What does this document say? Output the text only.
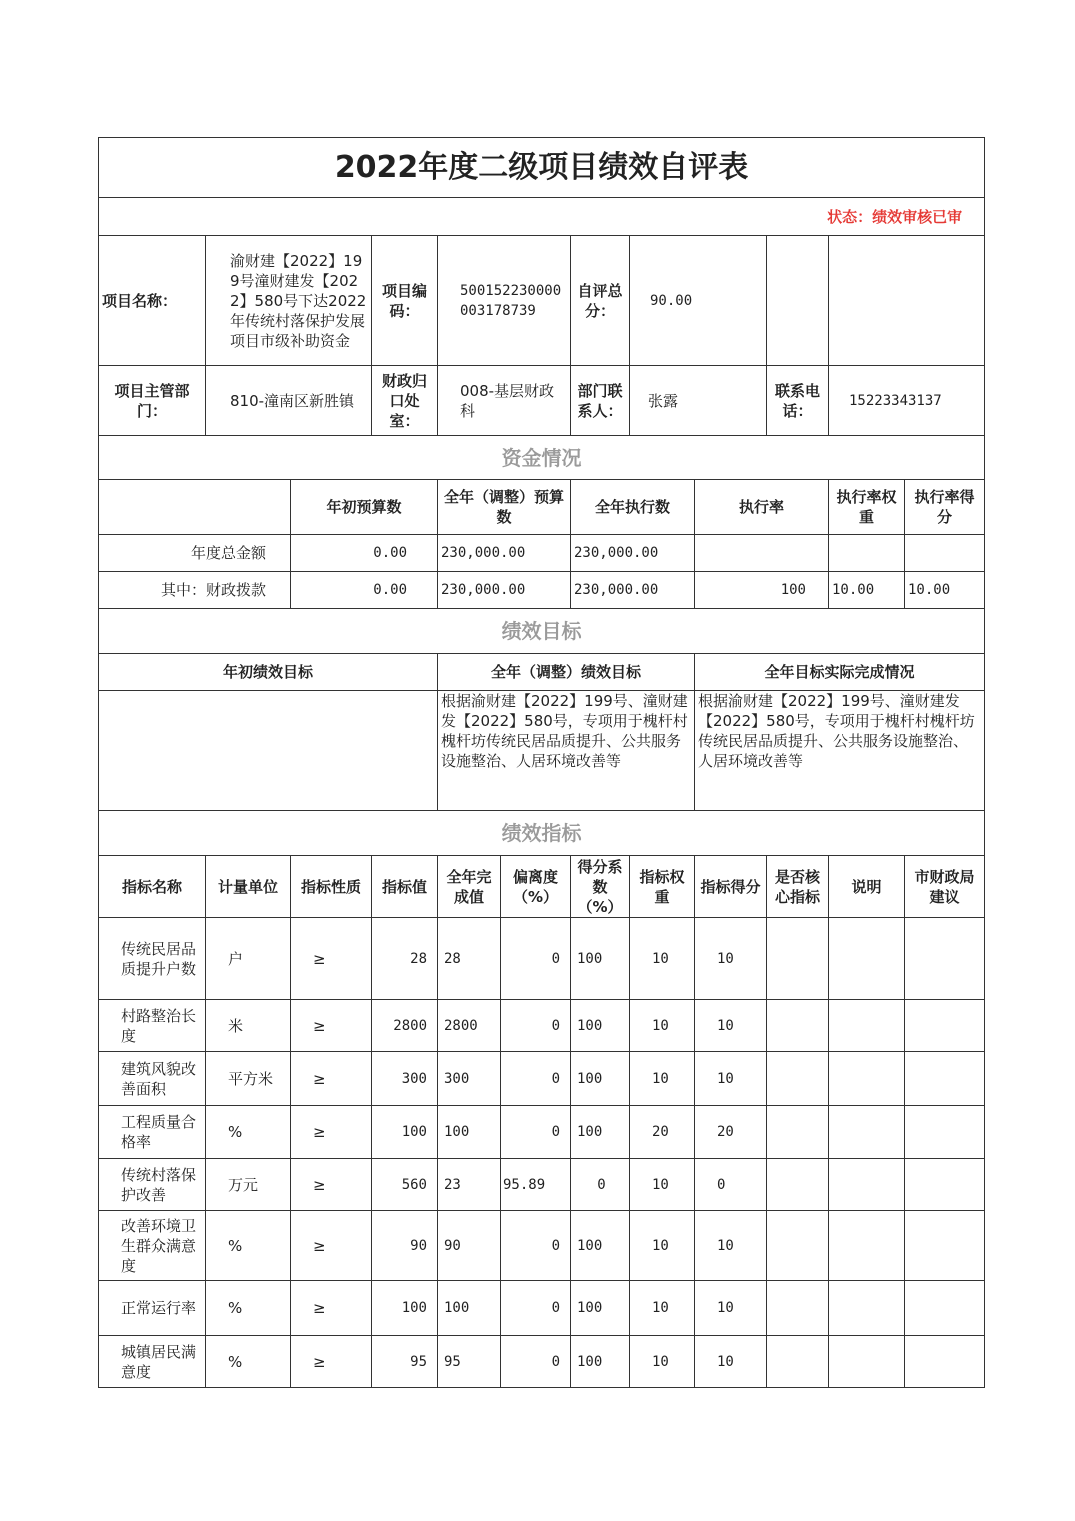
2022年度二级项目绩效自评表											
状态：绩效审核已审											
项目名称：	渝财建【2022】199号潼财建发【2022】580号下达2022年传统村落保护发展项目市级补助资金		项目编码：	500152230000003178739		自评总分：	90.00				
项目主管部门：	810-潼南区新胜镇		财政归口处室：	008-基层财政科		部门联系人：	张露		联系电话：	15223343137	
资金情况											
		年初预算数		全年（调整）预算数		全年执行数		执行率		执行率权重	执行率得分
年度总金额		0.00		230,000.00		230,000.00					
其中：财政拨款		0.00		230,000.00		230,000.00		100		10.00	10.00
绩效目标											
年初绩效目标				全年（调整）绩效目标				全年目标实际完成情况			
				根据渝财建【2022】199号、潼财建发【2022】580号，专项用于槐杆村槐杆坊传统民居品质提升、公共服务设施整治、人居环境改善等				根据渝财建【2022】199号、潼财建发【2022】580号，专项用于槐杆村槐杆坊传统民居品质提升、公共服务设施整治、人居环境改善等			
绩效指标											
指标名称	计量单位	指标性质	指标值	全年完成值	偏离度（%）	得分系数（%）	指标权重	指标得分	是否核心指标	说明	市财政局建议
传统民居品质提升户数	户	≥	28	28	0	100	10	10			
村路整治长度	米	≥	2800	2800	0	100	10	10			
建筑风貌改善面积	平方米	≥	300	300	0	100	10	10			
工程质量合格率	%	≥	100	100	0	100	20	20			
传统村落保护改善	万元	≥	560	23	95.89	0	10	0			
改善环境卫生群众满意度	%	≥	90	90	0	100	10	10			
正常运行率	%	≥	100	100	0	100	10	10			
城镇居民满意度	%	≥	95	95	0	100	10	10			
